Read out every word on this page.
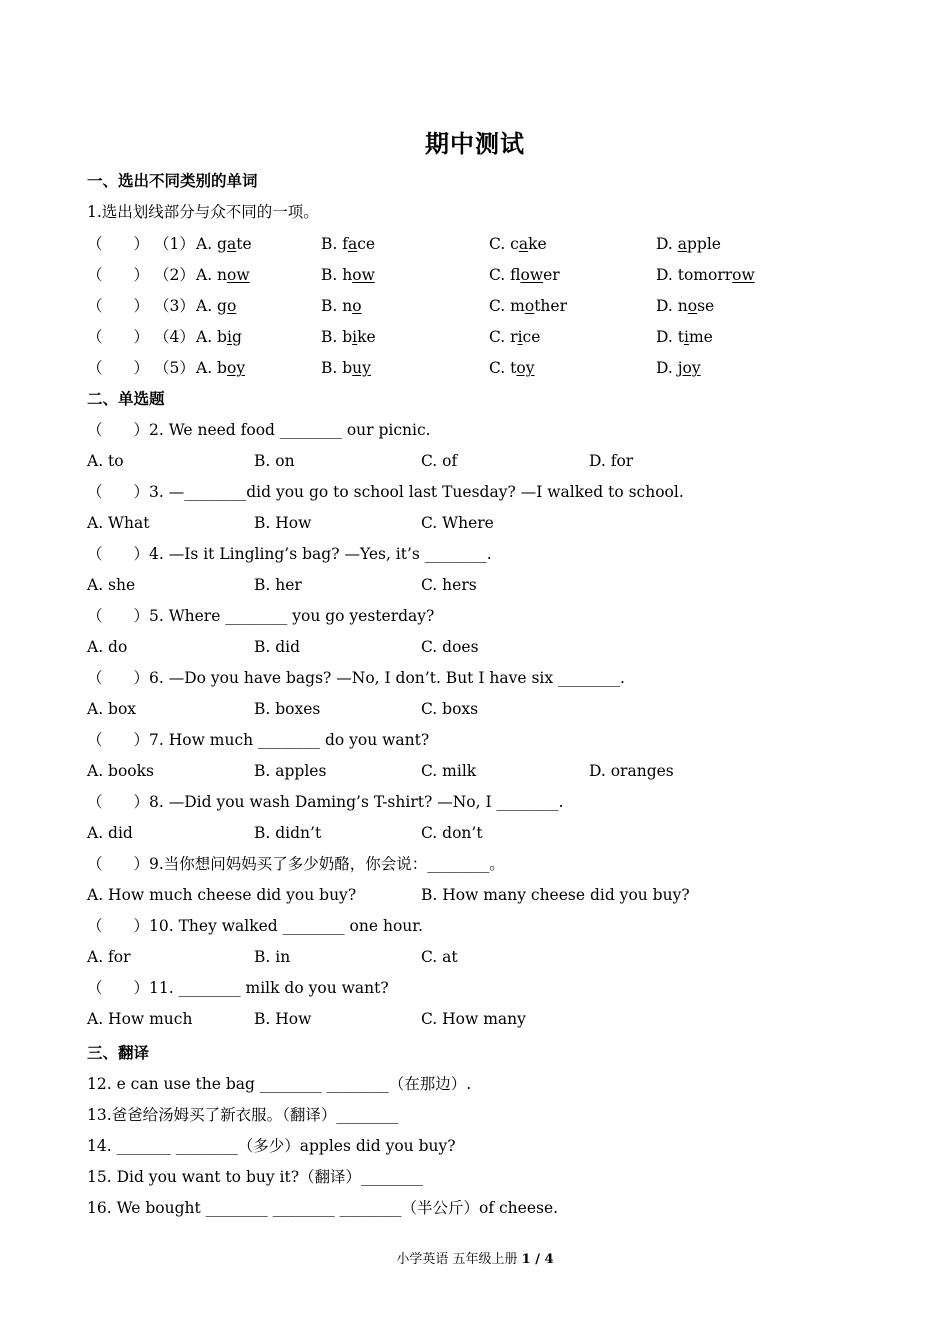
期中测试
一、选出不同类别的单词
1.选出划线部分与众不同的一项。
（　　） （1） A. gate	B. face	C. cake	D. apple
（　　） （2） A. now	B. how	C. flower	D. tomorrow
（　　） （3） A. go	B. no	C. mother	D. nose
（　　） （4） A. big	B. bike	C. rice	D. time
（　　） （5） A. boy	B. buy	C. toy	D. joy
二、单选题
（　　）2. We need food ________ our picnic.
A. to	B. on	C. of	D. for
（　　）3. —________did you go to school last Tuesday? —I walked to school.
A. What	B. How	C. Where
（　　）4. —Is it Lingling’s bag? —Yes, it’s ________.
A. she	B. her	C. hers
（　　）5. Where ________ you go yesterday?
A. do	B. did	C. does
（　　）6. —Do you have bags? —No, I don’t. But I have six ________.
A. box	B. boxes	C. boxs
（　　）7. How much ________ do you want?
A. books	B. apples	C. milk	D. oranges
（　　）8. —Did you wash Daming’s T-shirt? —No, I ________.
A. did	B. didn’t	C. don’t
（　　）9.当你想问妈妈买了多少奶酪，你会说：________。
A. How much cheese did you buy?	B. How many cheese did you buy?
（　　）10. They walked ________ one hour.
A. for	B. in	C. at
（　　）11. ________ milk do you want?
A. How much	B. How	C. How many
三、翻译
12. e can use the bag ________ ________（在那边）.
13.爸爸给汤姆买了新衣服。（翻译）________
14. _______ ________（多少）apples did you buy?
15. Did you want to buy it?（翻译）________
16. We bought ________ ________ ________（半公斤）of cheese.
小学英语 五年级上册 1 / 4
